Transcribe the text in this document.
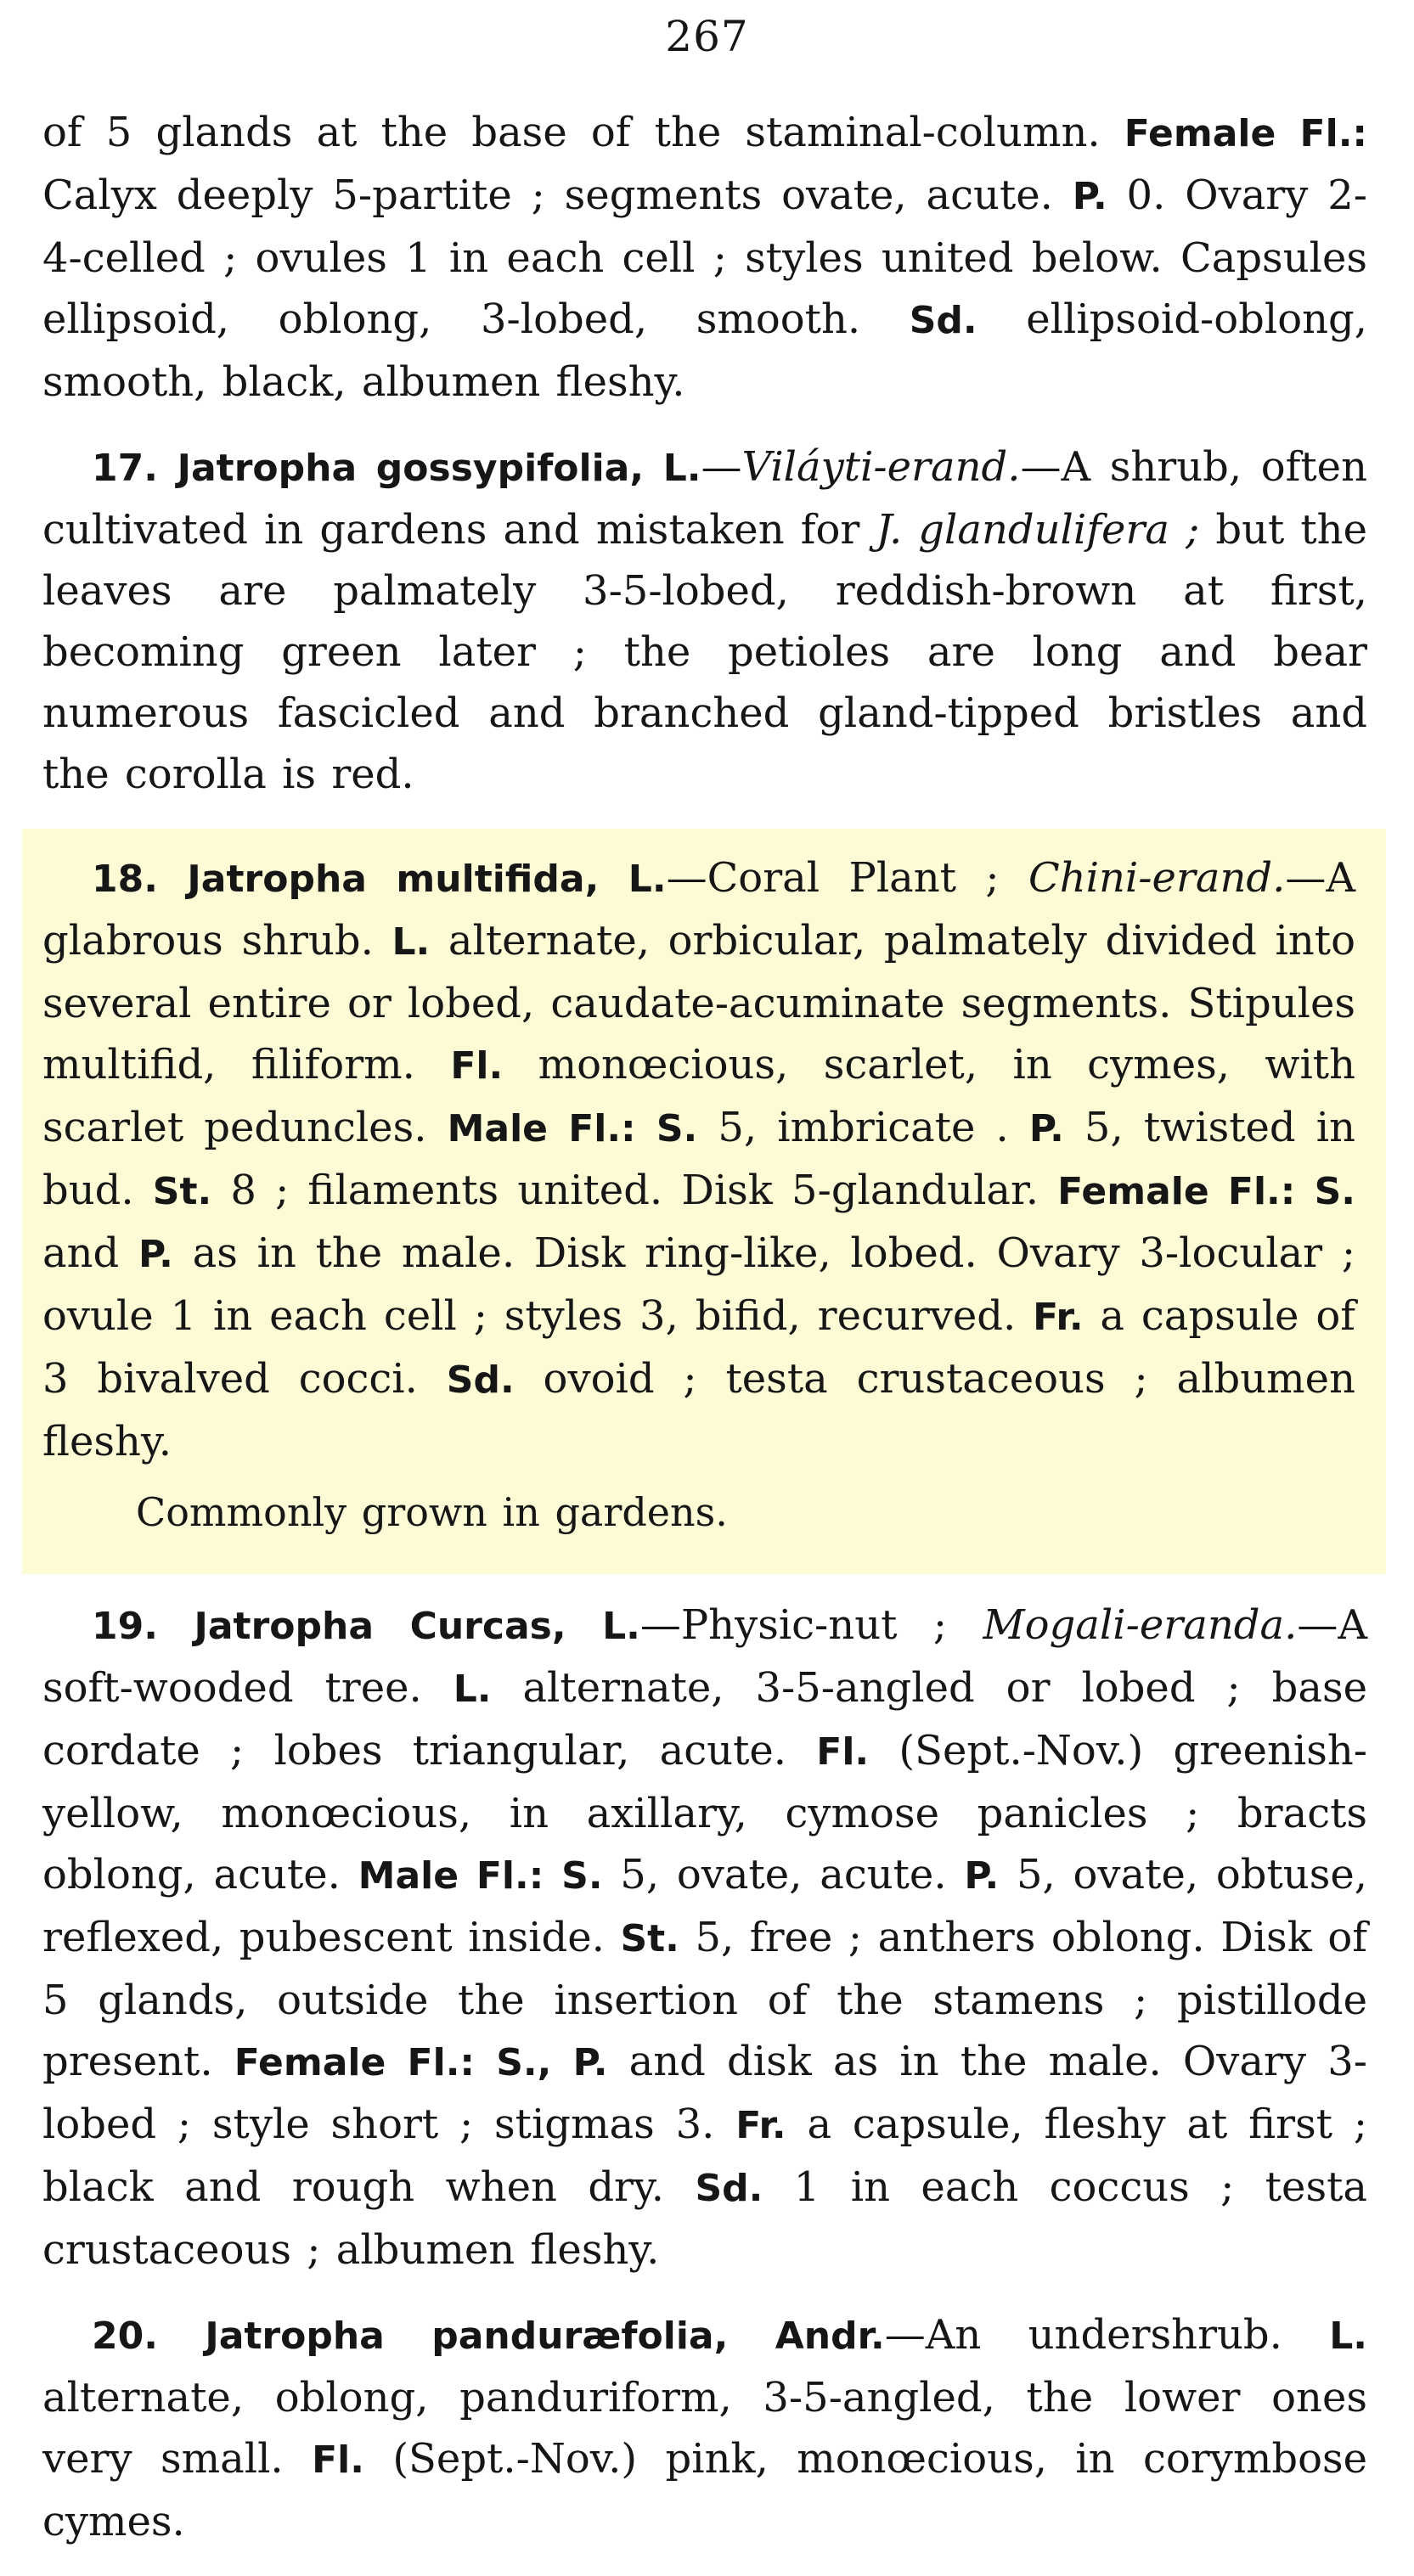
267

of 5 glands at the base of the staminal-column. Female Fl.: Calyx deeply 5-partite ; segments ovate, acute. P. 0. Ovary 2-4-celled ; ovules 1 in each cell ; styles united below. Capsules ellipsoid, oblong, 3-lobed, smooth. Sd. ellipsoid-oblong, smooth, black, albumen fleshy.

17. Jatropha gossypifolia, L.—Viláyti-erand.—A shrub, often cultivated in gardens and mistaken for J. glandulifera ; but the leaves are palmately 3-5-lobed, reddish-brown at first, becoming green later ; the petioles are long and bear numerous fascicled and branched gland-tipped bristles and the corolla is red.

18. Jatropha multifida, L.—Coral Plant ; Chini-erand.—A glabrous shrub. L. alternate, orbicular, palmately divided into several entire or lobed, caudate-acuminate segments. Stipules multifid, filiform. Fl. monœcious, scarlet, in cymes, with scarlet peduncles. Male Fl.: S. 5, imbricate . P. 5, twisted in bud. St. 8 ; filaments united. Disk 5-glandular. Female Fl.: S. and P. as in the male. Disk ring-like, lobed. Ovary 3-locular ; ovule 1 in each cell ; styles 3, bifid, recurved. Fr. a capsule of 3 bivalved cocci. Sd. ovoid ; testa crustaceous ; albumen fleshy.

Commonly grown in gardens.

19. Jatropha Curcas, L.—Physic-nut ; Mogali-eranda.—A soft-wooded tree. L. alternate, 3-5-angled or lobed ; base cordate ; lobes triangular, acute. Fl. (Sept.-Nov.) greenish-yellow, monœcious, in axillary, cymose panicles ; bracts oblong, acute. Male Fl.: S. 5, ovate, acute. P. 5, ovate, obtuse, reflexed, pubescent inside. St. 5, free ; anthers oblong. Disk of 5 glands, outside the insertion of the stamens ; pistillode present. Female Fl.: S., P. and disk as in the male. Ovary 3-lobed ; style short ; stigmas 3. Fr. a capsule, fleshy at first ; black and rough when dry. Sd. 1 in each coccus ; testa crustaceous ; albumen fleshy.

20. Jatropha panduræfolia, Andr.—An undershrub. L. alternate, oblong, panduriform, 3-5-angled, the lower ones very small. Fl. (Sept.-Nov.) pink, monœcious, in corymbose cymes.
